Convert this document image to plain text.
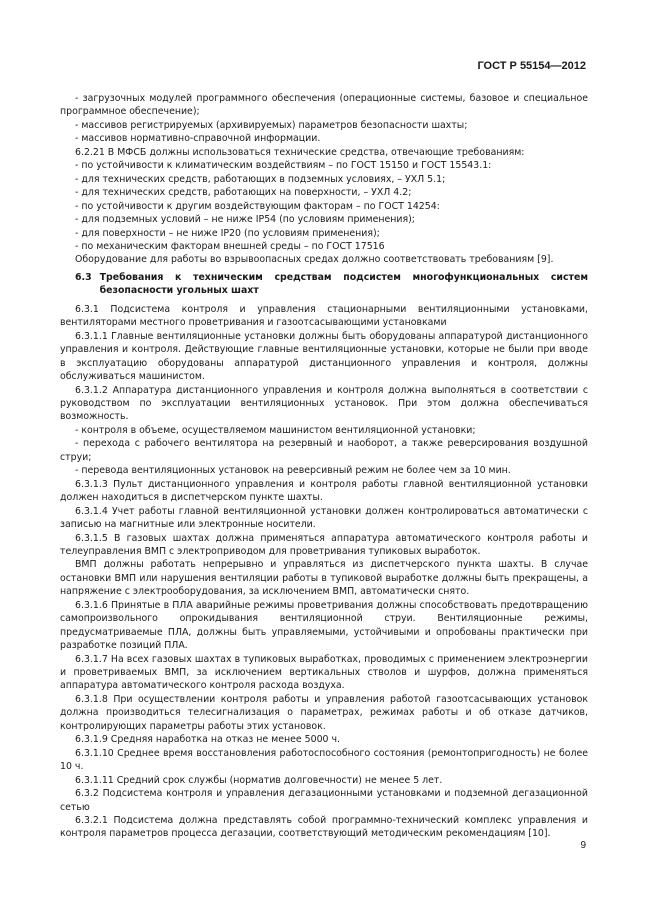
ГОСТ Р 55154—2012

- загрузочных модулей программного обеспечения (операционные системы, базовое и специальное программное обеспечение);

- массивов регистрируемых (архивируемых) параметров безопасности шахты;

- массивов нормативно-справочной информации.

6.2.21 В МФСБ должны использоваться технические средства, отвечающие требованиям:

- по устойчивости к климатическим воздействиям – по ГОСТ 15150 и ГОСТ 15543.1:

- для технических средств, работающих в подземных условиях, – УХЛ 5.1;

- для технических средств, работающих на поверхности, – УХЛ 4.2;

- по устойчивости к другим воздействующим факторам – по ГОСТ 14254:

- для подземных условий – не ниже IP54 (по условиям применения);

- для поверхности – не ниже IP20 (по условиям применения);

- по механическим факторам внешней среды – по ГОСТ 17516

Оборудование для работы во взрывоопасных средах должно соответствовать требованиям [9].

6.3 Требования к техническим средствам подсистем многофункциональных систем безопасности угольных шахт

6.3.1 Подсистема контроля и управления стационарными вентиляционными установками, вентиляторами местного проветривания и газоотсасывающими установками

6.3.1.1 Главные вентиляционные установки должны быть оборудованы аппаратурой дистанционного управления и контроля. Действующие главные вентиляционные установки, которые не были при вводе в эксплуатацию оборудованы аппаратурой дистанционного управления и контроля, должны обслуживаться машинистом.

6.3.1.2 Аппаратура дистанционного управления и контроля должна выполняться в соответствии с руководством по эксплуатации вентиляционных установок. При этом должна обеспечиваться возможность.

- контроля в объеме, осуществляемом машинистом вентиляционной установки;

- перехода с рабочего вентилятора на резервный и наоборот, а также реверсирования воздушной струи;

- перевода вентиляционных установок на реверсивный режим не более чем за 10 мин.

6.3.1.3 Пульт дистанционного управления и контроля работы главной вентиляционной установки должен находиться в диспетчерском пункте шахты.

6.3.1.4 Учет работы главной вентиляционной установки должен контролироваться автоматически с записью на магнитные или электронные носители.

6.3.1.5 В газовых шахтах должна применяться аппаратура автоматического контроля работы и телеуправления ВМП с электроприводом для проветривания тупиковых выработок.

ВМП должны работать непрерывно и управляться из диспетчерского пункта шахты. В случае остановки ВМП или нарушения вентиляции работы в тупиковой выработке должны быть прекращены, а напряжение с электрооборудования, за исключением ВМП, автоматически снято.

6.3.1.6 Принятые в ПЛА аварийные режимы проветривания должны способствовать предотвращению самопроизвольного опрокидывания вентиляционной струи. Вентиляционные режимы, предусматриваемые ПЛА, должны быть управляемыми, устойчивыми и опробованы практически при разработке позиций ПЛА.

6.3.1.7 На всех газовых шахтах в тупиковых выработках, проводимых с применением электроэнергии и проветриваемых ВМП, за исключением вертикальных стволов и шурфов, должна применяться аппаратура автоматического контроля расхода воздуха.

6.3.1.8 При осуществлении контроля работы и управления работой газоотсасывающих установок должна производиться телесигнализация о параметрах, режимах работы и об отказе датчиков, контролирующих параметры работы этих установок.

6.3.1.9 Средняя наработка на отказ не менее 5000 ч.

6.3.1.10 Среднее время восстановления работоспособного состояния (ремонтопригодность) не более 10 ч.

6.3.1.11 Средний срок службы (норматив долговечности) не менее 5 лет.

6.3.2 Подсистема контроля и управления дегазационными установками и подземной дегазационной сетью

6.3.2.1 Подсистема должна представлять собой программно-технический комплекс управления и контроля параметров процесса дегазации, соответствующий методическим рекомендациям [10].

9
